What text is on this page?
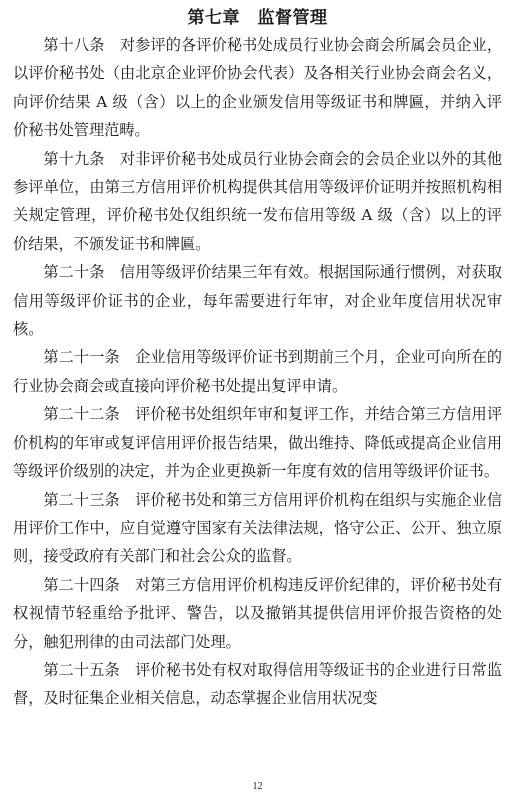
第七章　监督管理

第十八条　对参评的各评价秘书处成员行业协会商会所属会员企业，以评价秘书处（由北京企业评价协会代表）及各相关行业协会商会名义，向评价结果 A 级（含）以上的企业颁发信用等级证书和牌匾，并纳入评价秘书处管理范畴。

第十九条　对非评价秘书处成员行业协会商会的会员企业以外的其他参评单位，由第三方信用评价机构提供其信用等级评价证明并按照机构相关规定管理，评价秘书处仅组织统一发布信用等级 A 级（含）以上的评价结果，不颁发证书和牌匾。

第二十条　信用等级评价结果三年有效。根据国际通行惯例，对获取信用等级评价证书的企业，每年需要进行年审，对企业年度信用状况审核。

第二十一条　企业信用等级评价证书到期前三个月，企业可向所在的行业协会商会或直接向评价秘书处提出复评申请。

第二十二条　评价秘书处组织年审和复评工作，并结合第三方信用评价机构的年审或复评信用评价报告结果，做出维持、降低或提高企业信用等级评价级别的决定，并为企业更换新一年度有效的信用等级评价证书。

第二十三条　评价秘书处和第三方信用评价机构在组织与实施企业信用评价工作中，应自觉遵守国家有关法律法规，恪守公正、公开、独立原则，接受政府有关部门和社会公众的监督。

第二十四条　对第三方信用评价机构违反评价纪律的，评价秘书处有权视情节轻重给予批评、警告，以及撤销其提供信用评价报告资格的处分，触犯刑律的由司法部门处理。

第二十五条　评价秘书处有权对取得信用等级证书的企业进行日常监督，及时征集企业相关信息，动态掌握企业信用状况变

12
